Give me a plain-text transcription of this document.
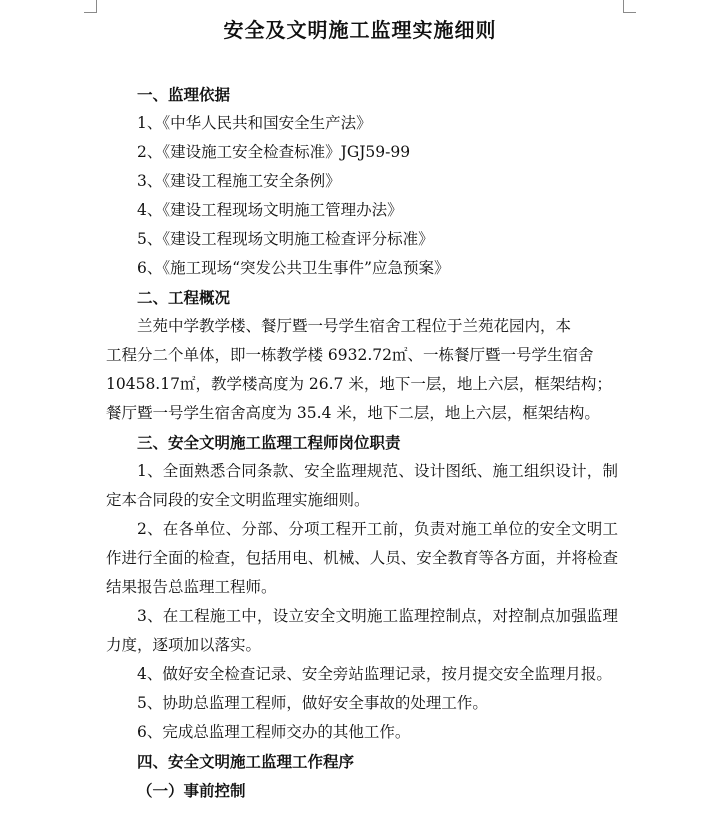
安全及文明施工监理实施细则
一、监理依据
1、《中华人民共和国安全生产法》
2、《建设施工安全检查标准》JGJ59-99
3、《建设工程施工安全条例》
4、《建设工程现场文明施工管理办法》
5、《建设工程现场文明施工检查评分标准》
6、《施工现场“突发公共卫生事件”应急预案》
二、工程概况
兰苑中学教学楼、餐厅暨一号学生宿舍工程位于兰苑花园内，本
工程分二个单体，即一栋教学楼 6932.72㎡、一栋餐厅暨一号学生宿舍
10458.17㎡，教学楼高度为 26.7 米，地下一层，地上六层，框架结构；
餐厅暨一号学生宿舍高度为 35.4 米，地下二层，地上六层，框架结构。
三、安全文明施工监理工程师岗位职责

1、全面熟悉合同条款、安全监理规范、设计图纸、施工组织设计，制定本合同段的安全文明监理实施细则。

2、在各单位、分部、分项工程开工前，负责对施工单位的安全文明工作进行全面的检查，包括用电、机械、人员、安全教育等各方面，并将检查结果报告总监理工程师。

3、在工程施工中，设立安全文明施工监理控制点，对控制点加强监理力度，逐项加以落实。

4、做好安全检查记录、安全旁站监理记录，按月提交安全监理月报。

5、协助总监理工程师，做好安全事故的处理工作。

6、完成总监理工程师交办的其他工作。

四、安全文明施工监理工作程序
（一）事前控制
